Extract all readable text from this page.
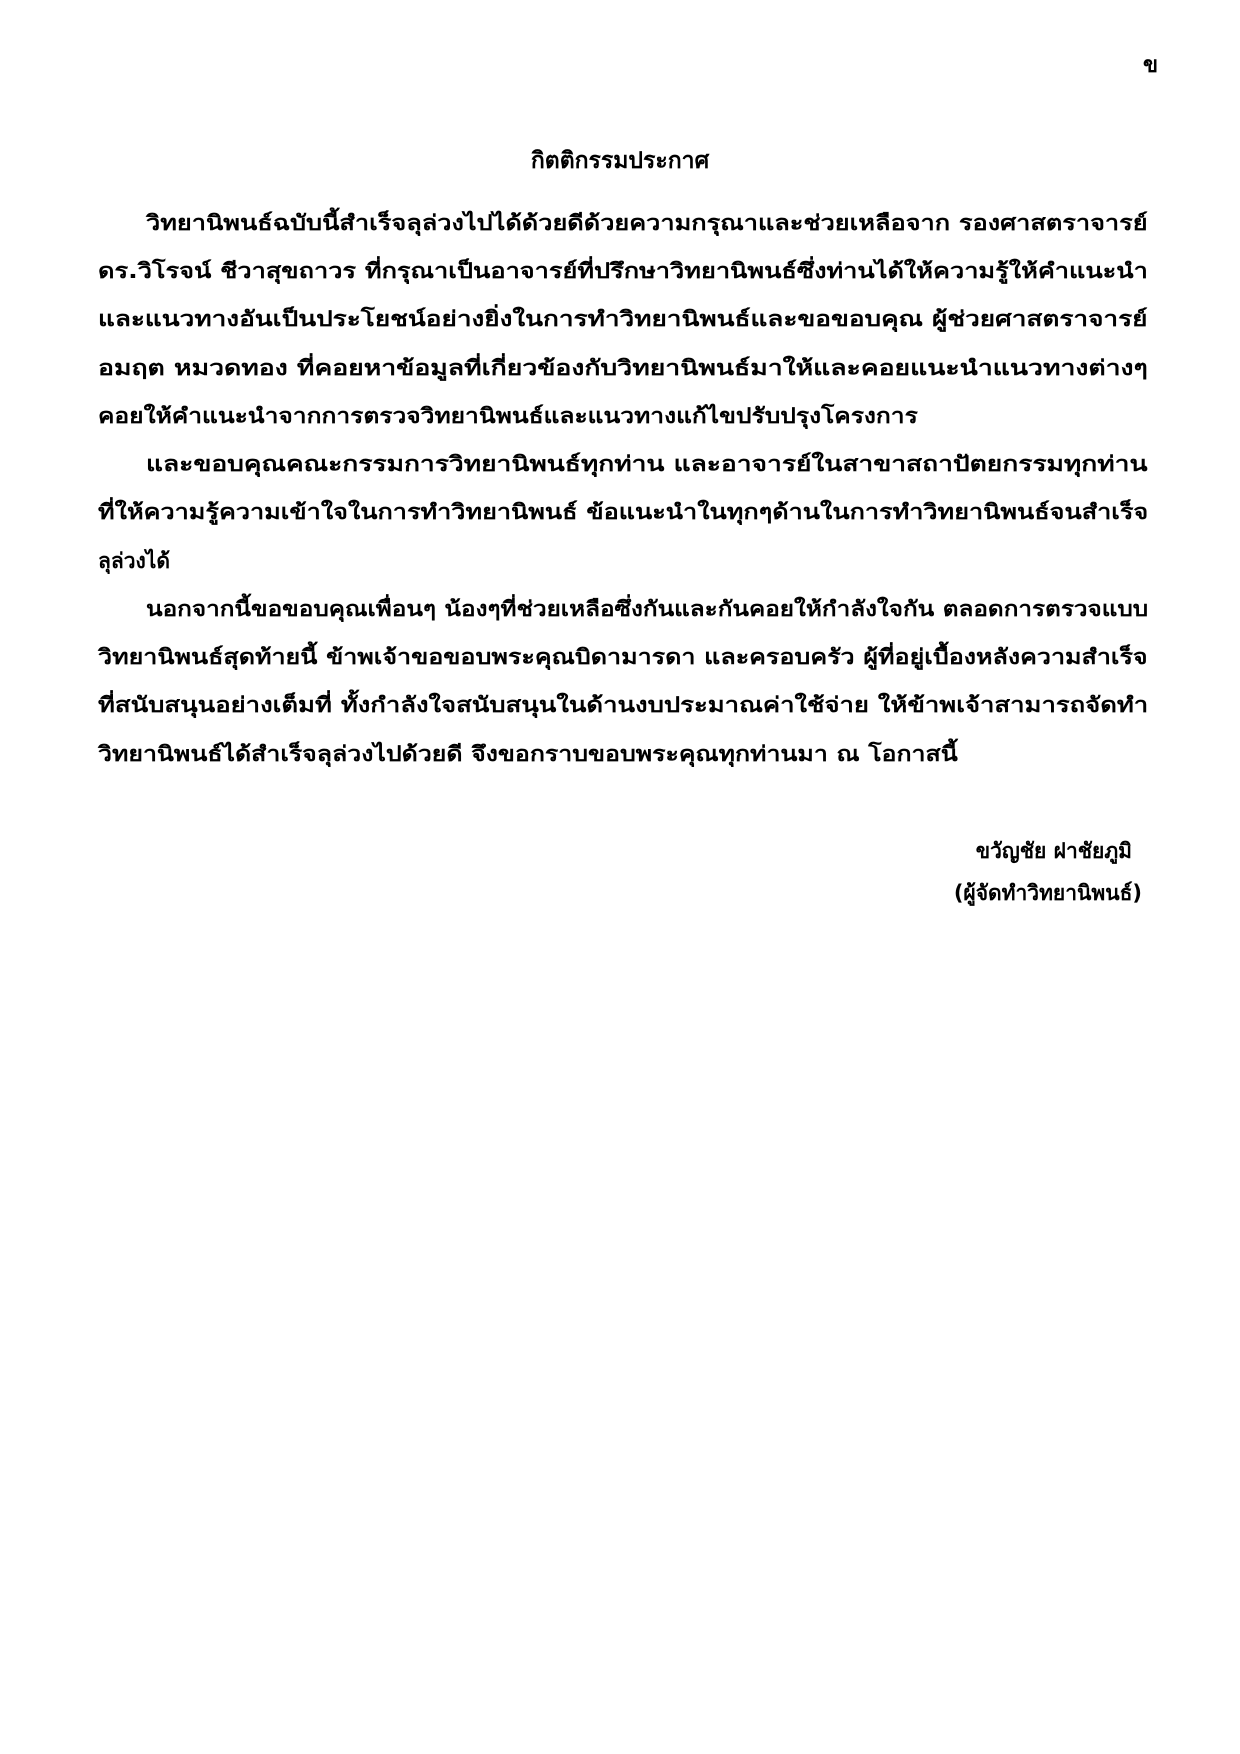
ข
กิตติกรรมประกาศ
วิทยานิพนธ์ฉบับนี้สำเร็จลุล่วงไปได้ด้วยดีด้วยความกรุณาและช่วยเหลือจาก รองศาสตราจารย์
ดร.วิโรจน์ ชีวาสุขถาวร ที่กรุณาเป็นอาจารย์ที่ปรึกษาวิทยานิพนธ์ซึ่งท่านได้ให้ความรู้ให้คำแนะนำ
และแนวทางอันเป็นประโยชน์อย่างยิ่งในการทำวิทยานิพนธ์และขอขอบคุณ ผู้ช่วยศาสตราจารย์
อมฤต หมวดทอง ที่คอยหาข้อมูลที่เกี่ยวข้องกับวิทยานิพนธ์มาให้และคอยแนะนำแนวทางต่างๆ
คอยให้คำแนะนำจากการตรวจวิทยานิพนธ์และแนวทางแก้ไขปรับปรุงโครงการ
และขอบคุณคณะกรรมการวิทยานิพนธ์ทุกท่าน และอาจารย์ในสาขาสถาปัตยกรรมทุกท่าน
ที่ให้ความรู้ความเข้าใจในการทำวิทยานิพนธ์ ข้อแนะนำในทุกๆด้านในการทำวิทยานิพนธ์จนสำเร็จ
ลุล่วงได้
นอกจากนี้ขอขอบคุณเพื่อนๆ น้องๆที่ช่วยเหลือซึ่งกันและกันคอยให้กำลังใจกัน ตลอดการตรวจแบบ
วิทยานิพนธ์สุดท้ายนี้ ข้าพเจ้าขอขอบพระคุณบิดามารดา และครอบครัว ผู้ที่อยู่เบื้องหลังความสำเร็จ
ที่สนับสนุนอย่างเต็มที่ ทั้งกำลังใจสนับสนุนในด้านงบประมาณค่าใช้จ่าย ให้ข้าพเจ้าสามารถจัดทำ
วิทยานิพนธ์ได้สำเร็จลุล่วงไปด้วยดี จึงขอกราบขอบพระคุณทุกท่านมา ณ โอกาสนี้
ขวัญชัย ฝาชัยภูมิ
(ผู้จัดทำวิทยานิพนธ์)
